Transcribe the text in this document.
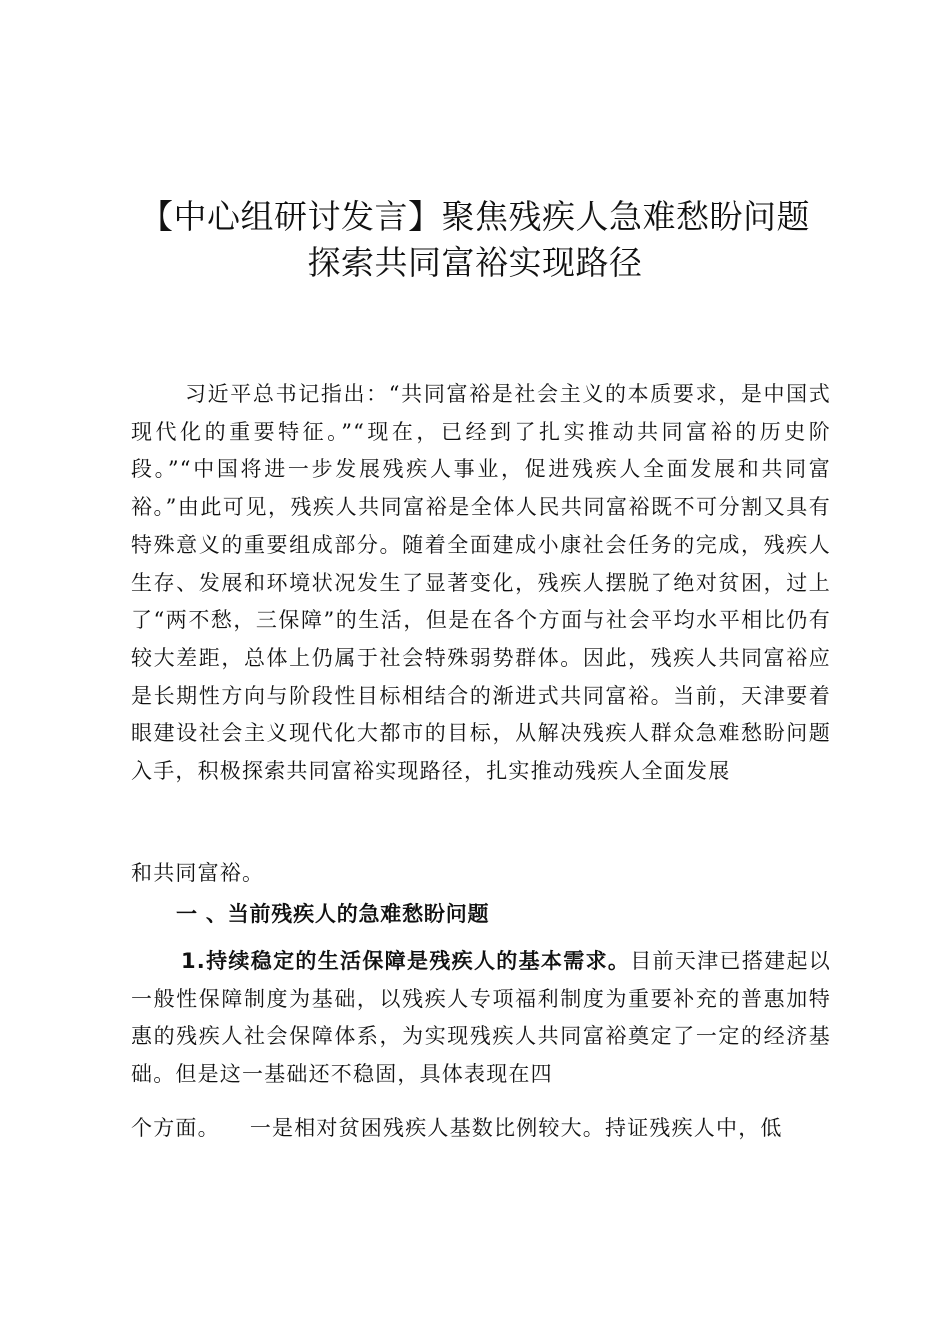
【中心组研讨发言】聚焦残疾人急难愁盼问题
探索共同富裕实现路径

习近平总书记指出：“共同富裕是社会主义的本质要求，是中国式现代化的重要特征。”“现在，已经到了扎实推动共同富裕的历史阶段。”“中国将进一步发展残疾人事业，促进残疾人全面发展和共同富裕。”由此可见，残疾人共同富裕是全体人民共同富裕既不可分割又具有特殊意义的重要组成部分。随着全面建成小康社会任务的完成，残疾人生存、发展和环境状况发生了显著变化，残疾人摆脱了绝对贫困，过上了“两不愁，三保障”的生活，但是在各个方面与社会平均水平相比仍有较大差距，总体上仍属于社会特殊弱势群体。因此，残疾人共同富裕应是长期性方向与阶段性目标相结合的渐进式共同富裕。当前，天津要着眼建设社会主义现代化大都市的目标，从解决残疾人群众急难愁盼问题入手，积极探索共同富裕实现路径，扎实推动残疾人全面发展

和共同富裕。

一 、当前残疾人的急难愁盼问题

1.持续稳定的生活保障是残疾人的基本需求。目前天津已搭建起以一般性保障制度为基础，以残疾人专项福利制度为重要补充的普惠加特惠的残疾人社会保障体系，为实现残疾人共同富裕奠定了一定的经济基础。但是这一基础还不稳固，具体表现在四

个方面。 一是相对贫困残疾人基数比例较大。持证残疾人中，低
